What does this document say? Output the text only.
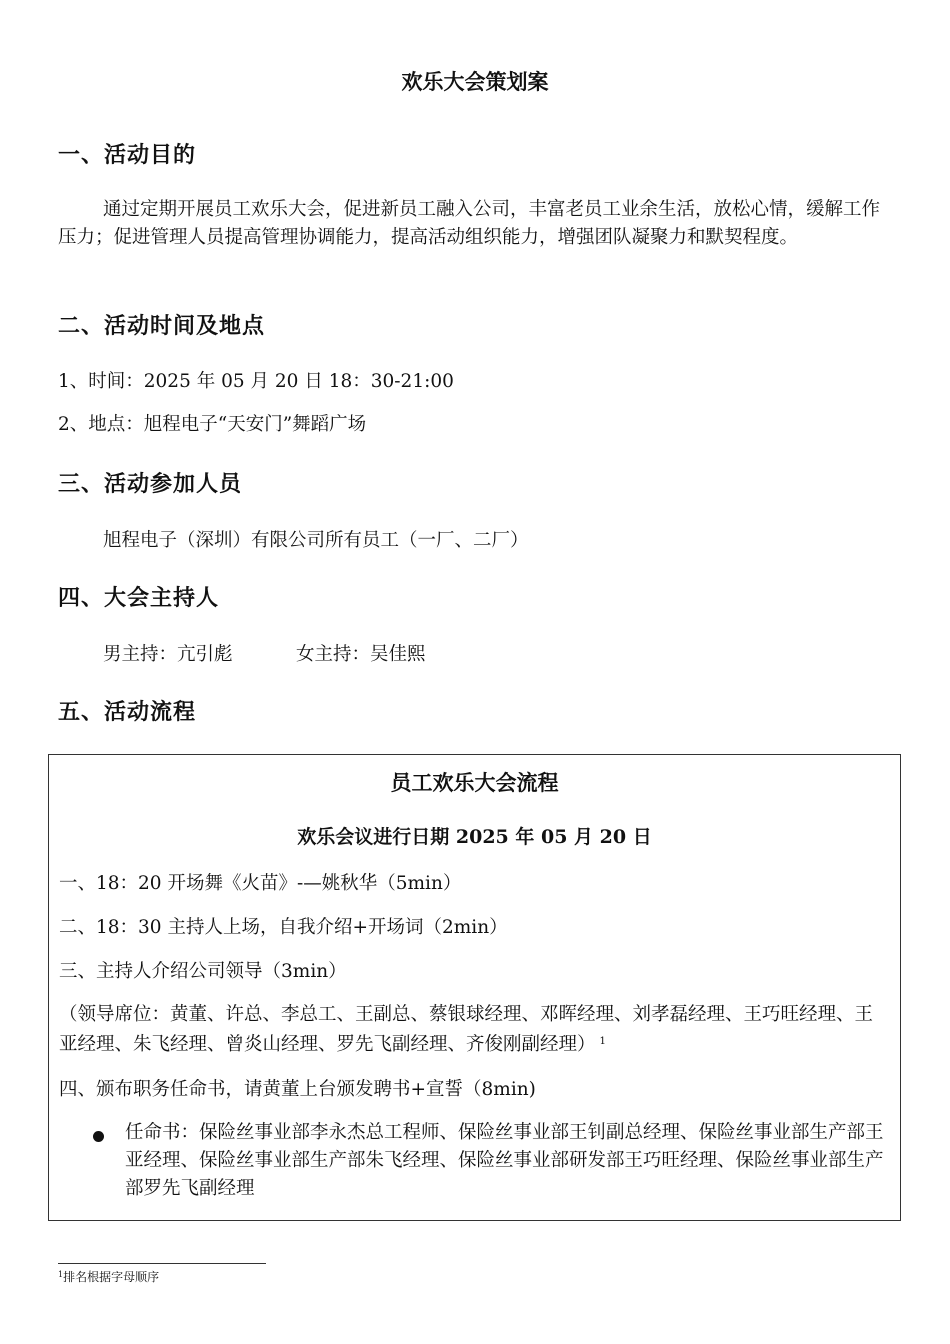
欢乐大会策划案
一、活动目的
通过定期开展员工欢乐大会，促进新员工融入公司，丰富老员工业余生活，放松心情，缓解工作压力；促进管理人员提高管理协调能力，提高活动组织能力，增强团队凝聚力和默契程度。
二、活动时间及地点
1、时间：2025 年 05 月 20 日 18：30-21:00
2、地点：旭程电子“天安门”舞蹈广场
三、活动参加人员
旭程电子（深圳）有限公司所有员工（一厂、二厂）
四、大会主持人
男主持：亢引彪	女主持：吴佳熙
五、活动流程
员工欢乐大会流程
欢乐会议进行日期 2025 年 05 月 20 日
一、18：20 开场舞《火苗》-—姚秋华（5min）
二、18：30 主持人上场，自我介绍+开场词（2min）
三、主持人介绍公司领导（3min）
（领导席位：黄董、许总、李总工、王副总、蔡银球经理、邓晖经理、刘孝磊经理、王巧旺经理、王亚经理、朱飞经理、曾炎山经理、罗先飞副经理、齐俊刚副经理） $^1$
四、颁布职务任命书，请黄董上台颁发聘书+宣誓（8min)
任命书：保险丝事业部李永杰总工程师、保险丝事业部王钊副总经理、保险丝事业部生产部王亚经理、保险丝事业部生产部朱飞经理、保险丝事业部研发部王巧旺经理、保险丝事业部生产部罗先飞副经理
$^1$排名根据字母顺序
